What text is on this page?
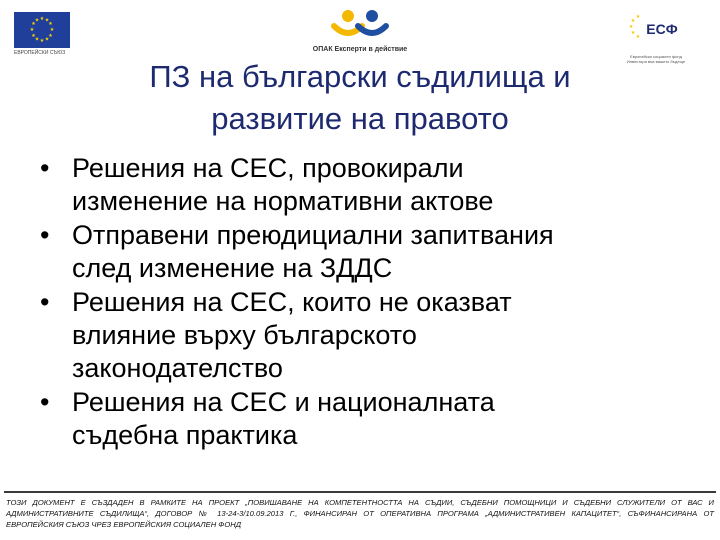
★ ★
★
★
★
★
★
★
★
★
★
★
ЕВРОПЕЙСКИ СЪЮЗ	ОПАК Експерти в действие
★
★
★
★
★ ЕСФ
Европейски социален фонд Инвестира във вашето бъдеще
ПЗ на български съдилища и
развитие на правото
• Решения на СЕС, провокирали
изменение на нормативни актове
• Отправени преюдициални запитвания
след изменение на ЗДДС
• Решения на СЕС, които не оказват
влияние върху българското
законодателство
• Решения на СЕС и националната
съдебна практика
ТОЗИ ДОКУМЕНТ Е СЪЗДАДЕН В РАМКИТЕ НА ПРОЕКТ „ПОВИШАВАНЕ НА КОМПЕТЕНТНОСТТА НА СЪДИИ, СЪДЕБНИ ПОМОЩНИЦИ И СЪДЕБНИ СЛУЖИТЕЛИ ОТ ВАС И АДМИНИСТРАТИВНИТЕ СЪДИЛИЩА“, ДОГОВОР № 13-24-3/10.09.2013 Г., ФИНАНСИРАН ОТ ОПЕРАТИВНА ПРОГРАМА „АДМИНИСТРАТИВЕН КАПАЦИТЕТ“, СЪФИНАНСИРАНА ОТ ЕВРОПЕЙСКИЯ СЪЮЗ ЧРЕЗ ЕВРОПЕЙСКИЯ СОЦИАЛЕН ФОНД
